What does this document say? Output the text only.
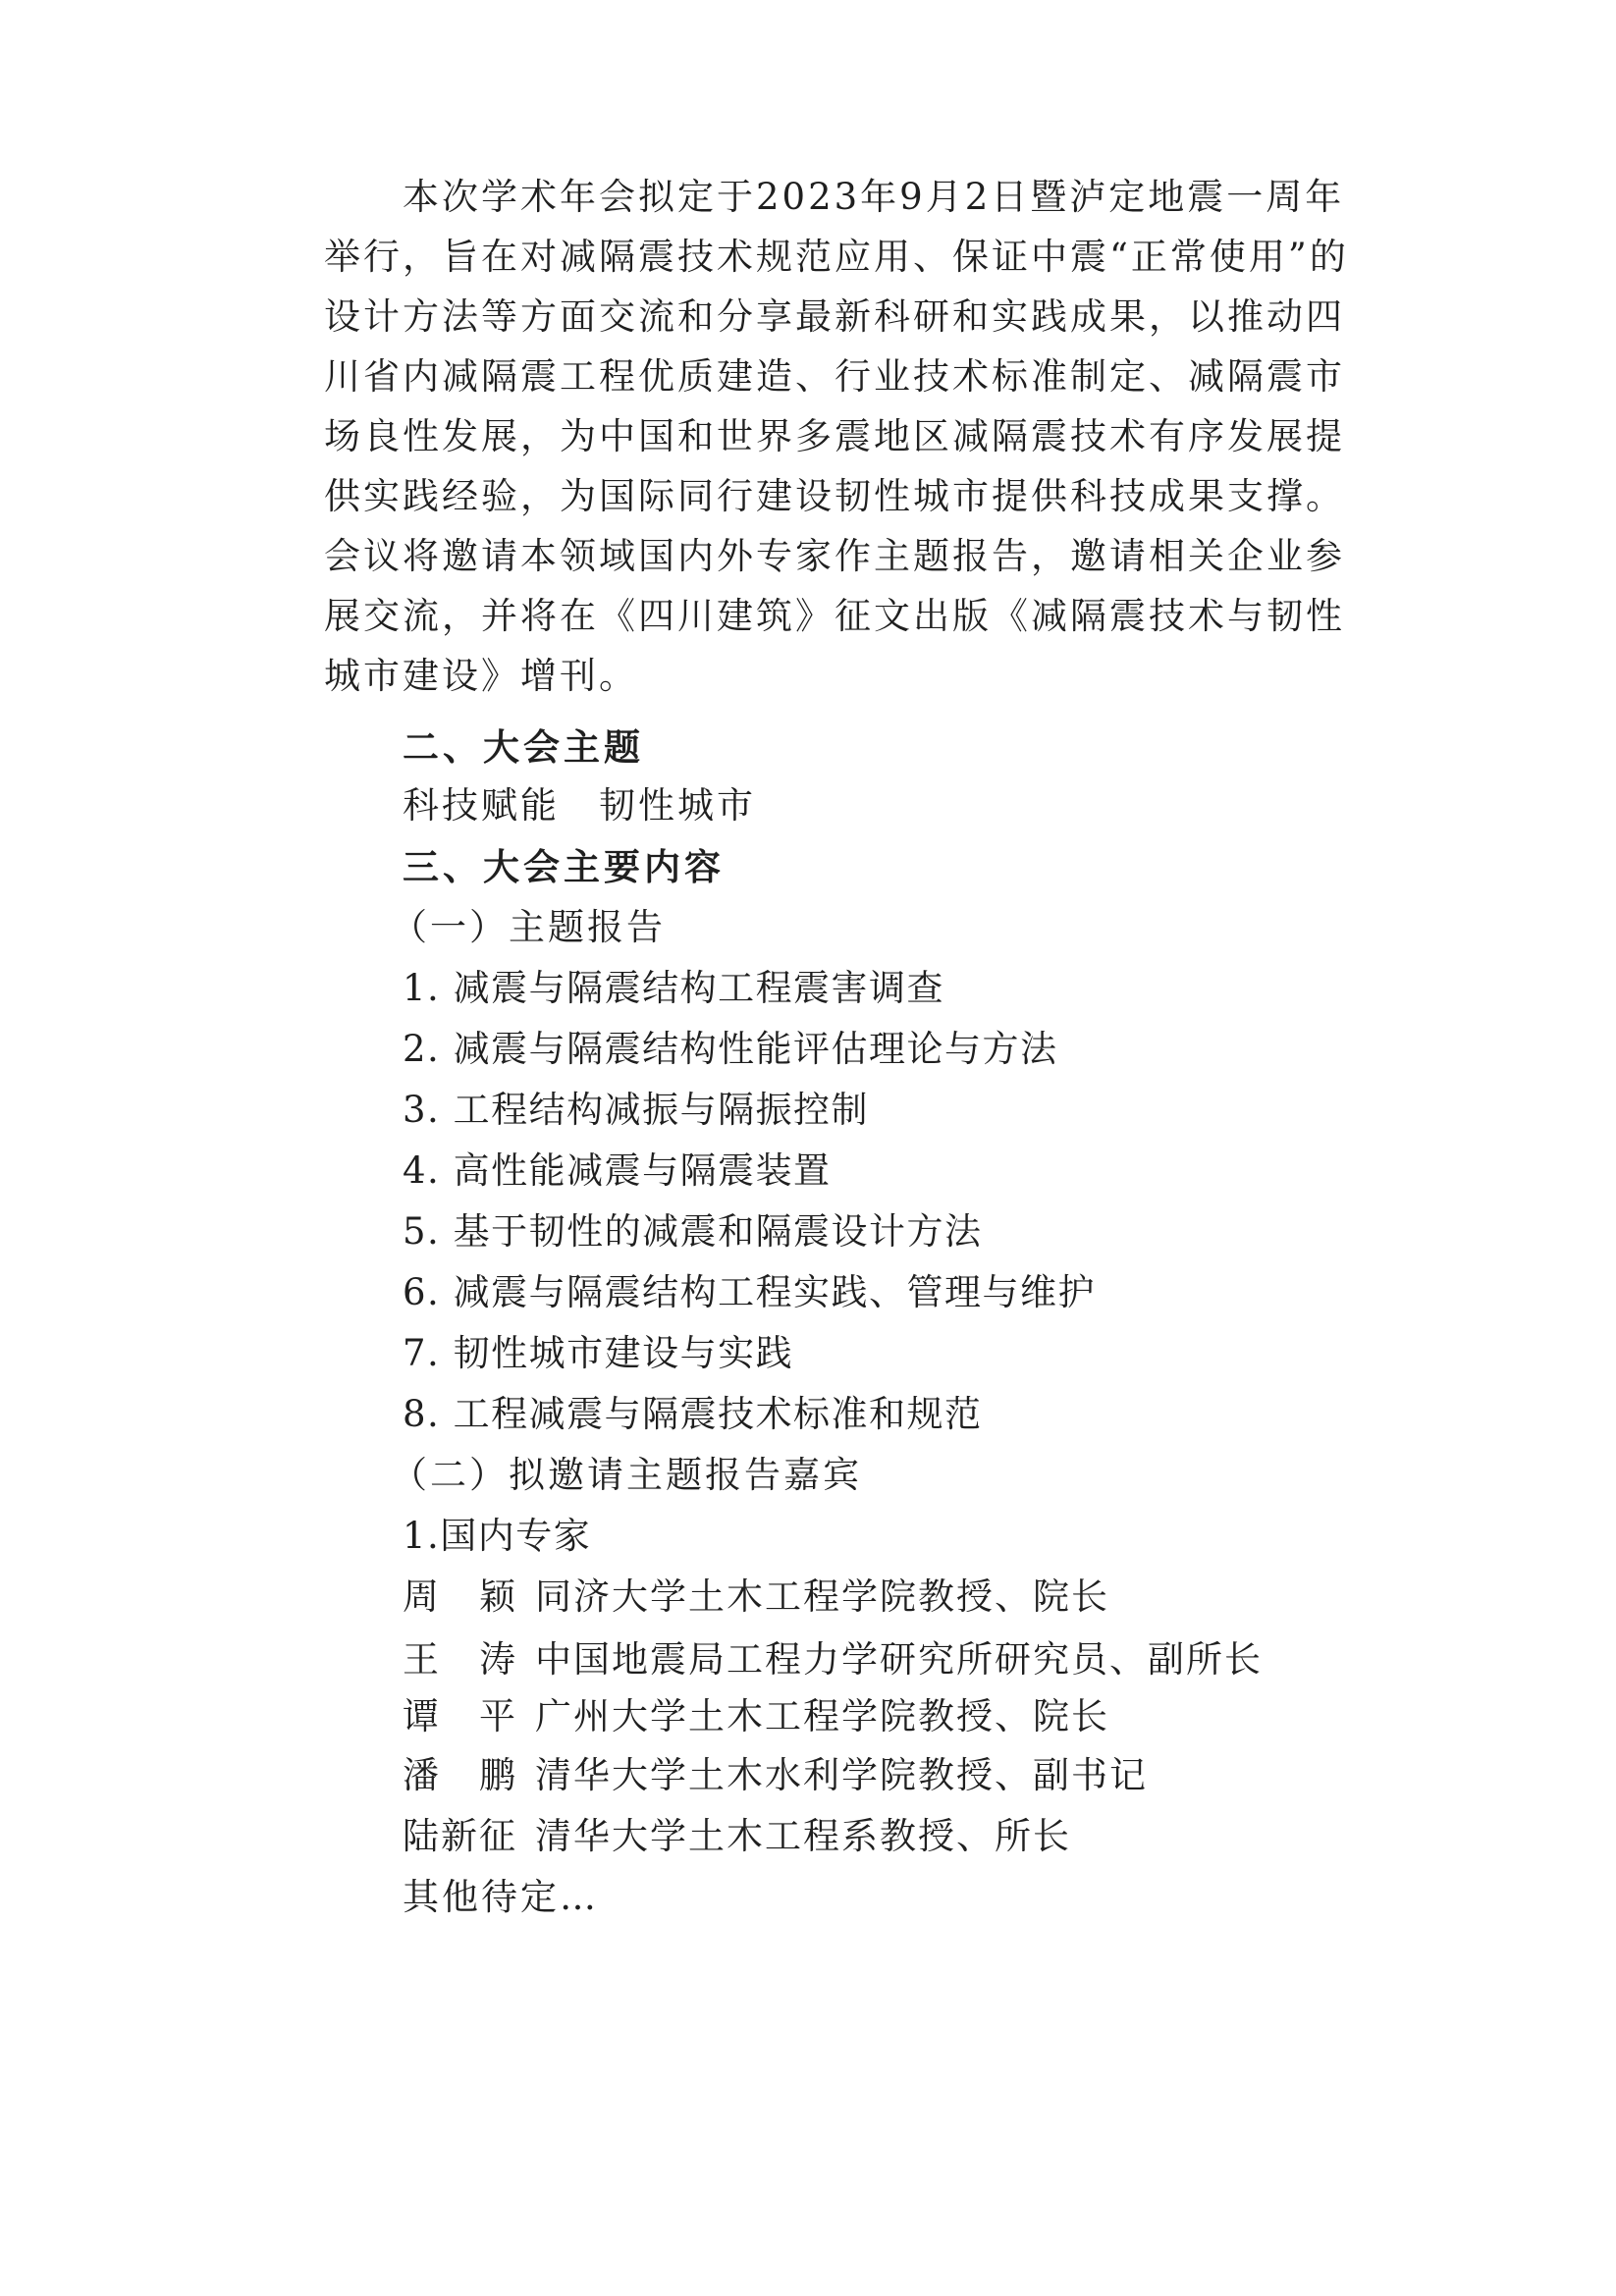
本次学术年会拟定于2023年9月2日暨泸定地震一周年
举行，旨在对减隔震技术规范应用、保证中震“正常使用”的
设计方法等方面交流和分享最新科研和实践成果，以推动四
川省内减隔震工程优质建造、行业技术标准制定、减隔震市
场良性发展，为中国和世界多震地区减隔震技术有序发展提
供实践经验，为国际同行建设韧性城市提供科技成果支撑。
会议将邀请本领域国内外专家作主题报告，邀请相关企业参
展交流，并将在《四川建筑》征文出版《减隔震技术与韧性
城市建设》增刊。
二、大会主题
科技赋能　韧性城市
三、大会主要内容
（一）主题报告
1. 减震与隔震结构工程震害调查
2. 减震与隔震结构性能评估理论与方法
3. 工程结构减振与隔振控制
4. 高性能减震与隔震装置
5. 基于韧性的减震和隔震设计方法
6. 减震与隔震结构工程实践、管理与维护
7. 韧性城市建设与实践
8. 工程减震与隔震技术标准和规范
（二）拟邀请主题报告嘉宾
1.国内专家
周　颖 同济大学土木工程学院教授、院长
王　涛 中国地震局工程力学研究所研究员、副所长
谭　平 广州大学土木工程学院教授、院长
潘　鹏 清华大学土木水利学院教授、副书记
陆新征 清华大学土木工程系教授、所长
其他待定…
